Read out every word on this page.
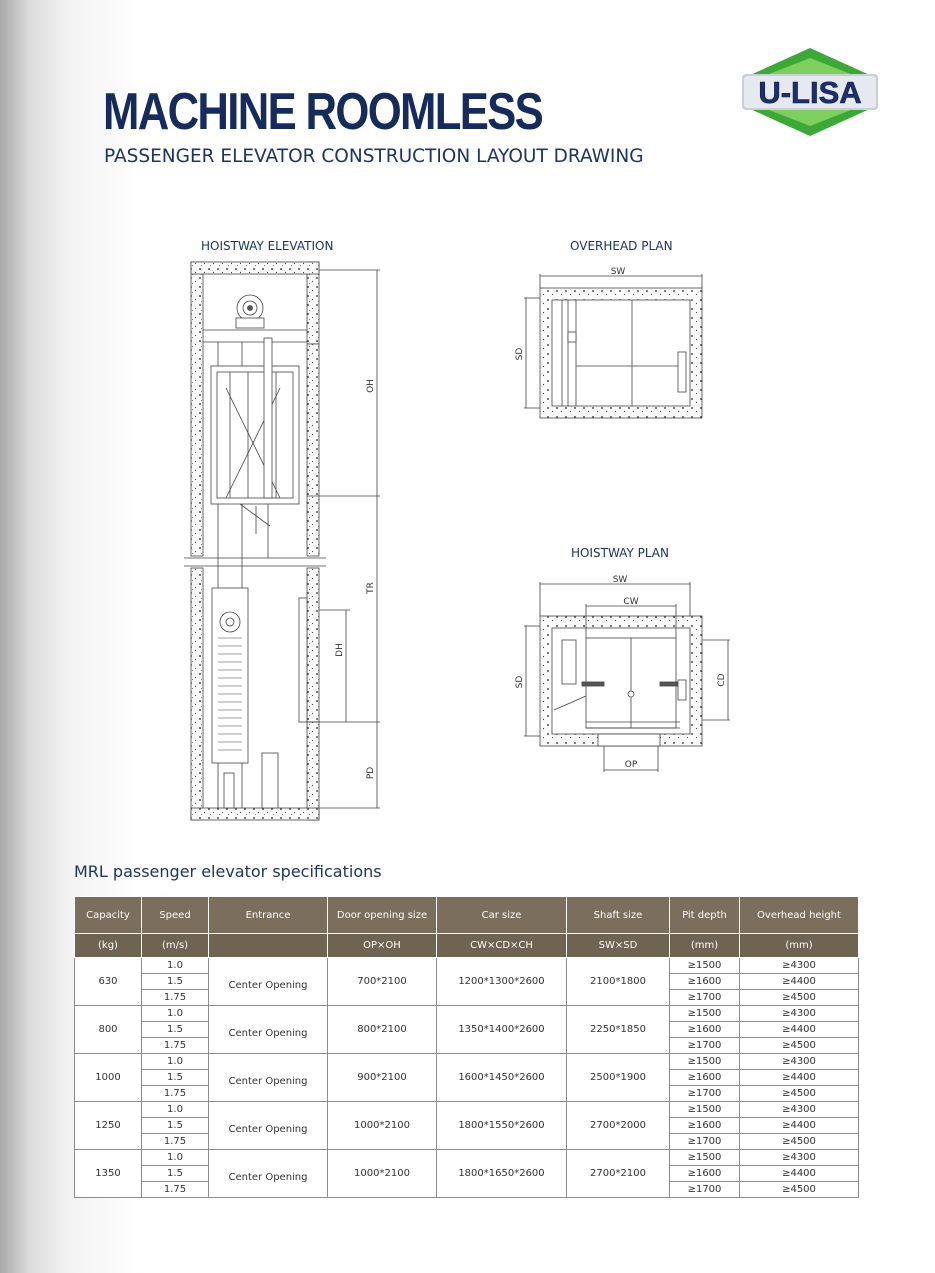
MACHINE ROOMLESS
PASSENGER ELEVATOR CONSTRUCTION LAYOUT DRAWING
U-LISA
HOISTWAY ELEVATION	OVERHEAD PLAN
HOISTWAY PLAN
OH
TR
DH
PD
SW
SD
SW
CW
SD	CD
OP
MRL passenger elevator specifications
Capacity	Speed	Entrance	Door opening size	Car size	Shaft size	Pit depth	Overhead height
(kg)	(m/s)		OP×OH	CW×CD×CH	SW×SD	(mm)	(mm)
630	1.0	Center Opening	700*2100	1200*1300*2600	2100*1800	≥1500	≥4300
	1.5					≥1600	≥4400
	1.75					≥1700	≥4500
800	1.0	Center Opening	800*2100	1350*1400*2600	2250*1850	≥1500	≥4300
	1.5					≥1600	≥4400
	1.75					≥1700	≥4500
1000	1.0	Center Opening	900*2100	1600*1450*2600	2500*1900	≥1500	≥4300
	1.5					≥1600	≥4400
	1.75					≥1700	≥4500
1250	1.0	Center Opening	1000*2100	1800*1550*2600	2700*2000	≥1500	≥4300
	1.5					≥1600	≥4400
	1.75					≥1700	≥4500
1350	1.0	Center Opening	1000*2100	1800*1650*2600	2700*2100	≥1500	≥4300
	1.5					≥1600	≥4400
	1.75					≥1700	≥4500
